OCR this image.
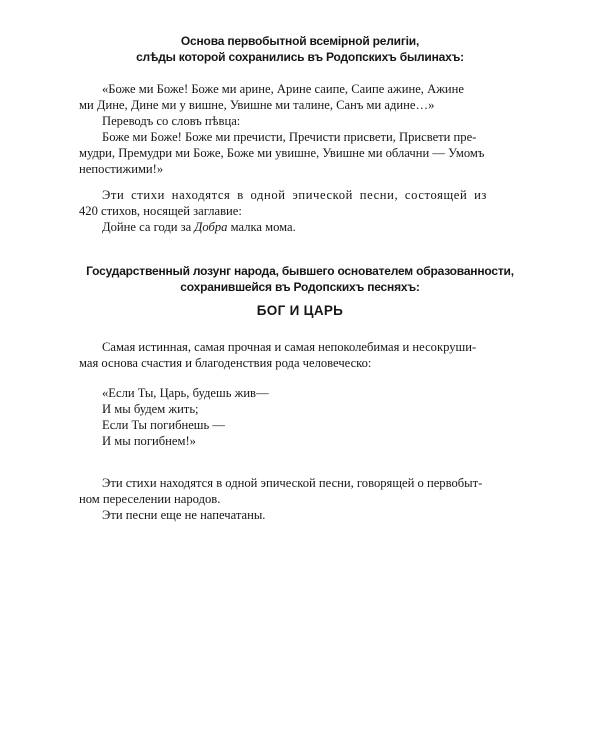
Основа первобытной всемiрной религiи,
слѣды которой сохранились въ Родопскихъ былинахъ:
«Боже ми Боже! Боже ми арине, Арине саипе, Саипе ажине, Ажине
ми Дине, Дине ми у вишне, Увишне ми талине, Санъ ми адине…»
Переводъ со словъ пѣвца:
Боже ми Боже! Боже ми пречисти, Пречисти присвети, Присвети пре-
мудри, Премудри ми Боже, Боже ми увишне, Увишне ми облачни — Умомъ
непостижими!»
Эти стихи находятся в одной эпической песни, состоящей из
420 стихов, носящей заглавие:
Дойне са годи за Добра малка мома.
Государственный лозунг народа, бывшего основателем образованности,
сохранившейся въ Родопскихъ песняхъ:
БОГ И ЦАРЬ
Самая истинная, самая прочная и самая непоколебимая и несокруши-
мая основа счастия и благоденствия рода человеческо:
«Если Ты, Царь, будешь жив—
И мы будем жить;
Если Ты погибнешь —
И мы погибнем!»
Эти стихи находятся в одной эпической песни, говорящей о первобыт-
ном переселении народов.
Эти песни еще не напечатаны.
